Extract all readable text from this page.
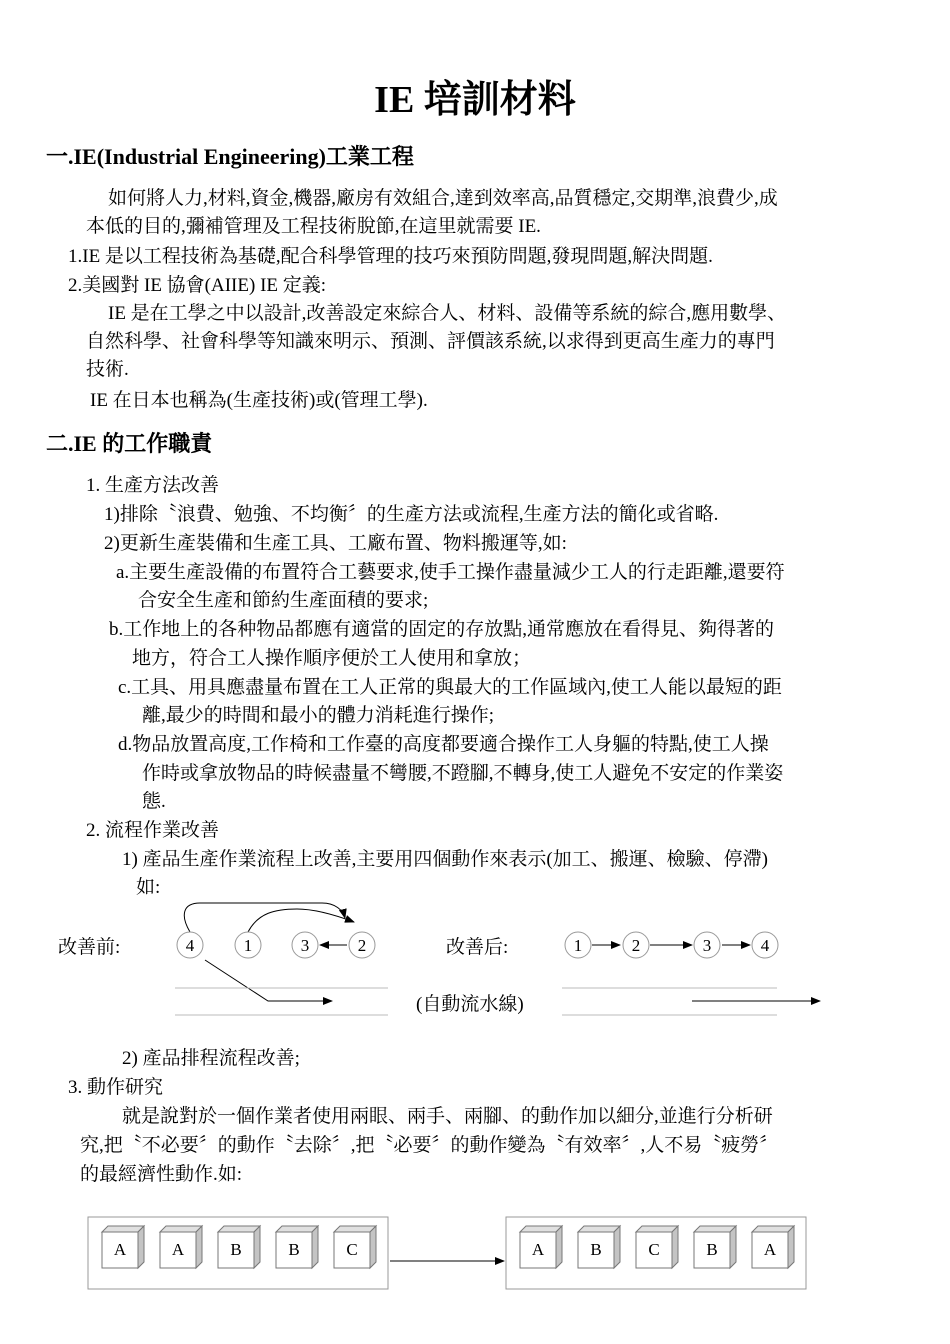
IE 培訓材料
一.IE(Industrial Engineering)工業工程
如何將人力,材料,資金,機器,廠房有效組合,達到效率高,品質穩定,交期準,浪費少,成
本低的目的,彌補管理及工程技術脫節,在這里就需要 IE.
1.IE 是以工程技術為基礎,配合科學管理的技巧來預防問題,發現問題,解決問題.
2.美國對 IE 協會(AIIE) IE 定義:
IE 是在工學之中以設計,改善設定來綜合人、材料、設備等系統的綜合,應用數學、
自然科學、社會科學等知識來明示、預測、評價該系統,以求得到更高生產力的專門
技術.
IE 在日本也稱為(生產技術)或(管理工學).
二.IE 的工作職責
1. 生產方法改善
1)排除〝浪費、勉強、不均衡〞的生產方法或流程,生產方法的簡化或省略.
2)更新生產裝備和生產工具、工廠布置、物料搬運等,如:
a.主要生產設備的布置符合工藝要求,使手工操作盡量減少工人的行走距離,還要符
合安全生產和節約生產面積的要求;
b.工作地上的各种物品都應有適當的固定的存放點,通常應放在看得見、夠得著的
地方，符合工人操作順序便於工人使用和拿放；
c.工具、用具應盡量布置在工人正常的與最大的工作區域內,使工人能以最短的距
離,最少的時間和最小的體力消耗進行操作;
d.物品放置高度,工作椅和工作臺的高度都要適合操作工人身軀的特點,使工人操
作時或拿放物品的時候盡量不彎腰,不蹬腳,不轉身,使工人避免不安定的作業姿
態.
2. 流程作業改善
1) 產品生產作業流程上改善,主要用四個動作來表示(加工、搬運、檢驗、停滯)
如:
4	1	3	2	1	2	3	4
A	A	B	B	C	A	B	C	B	A
改善前:	改善后:
(自動流水線)
2) 產品排程流程改善;
3. 動作研究
就是說對於一個作業者使用兩眼、兩手、兩腳、的動作加以細分,並進行分析研
究,把〝不必要〞的動作〝去除〞,把〝必要〞的動作變為〝有效率〞,人不易〝疲勞〞
的最經濟性動作.如:
